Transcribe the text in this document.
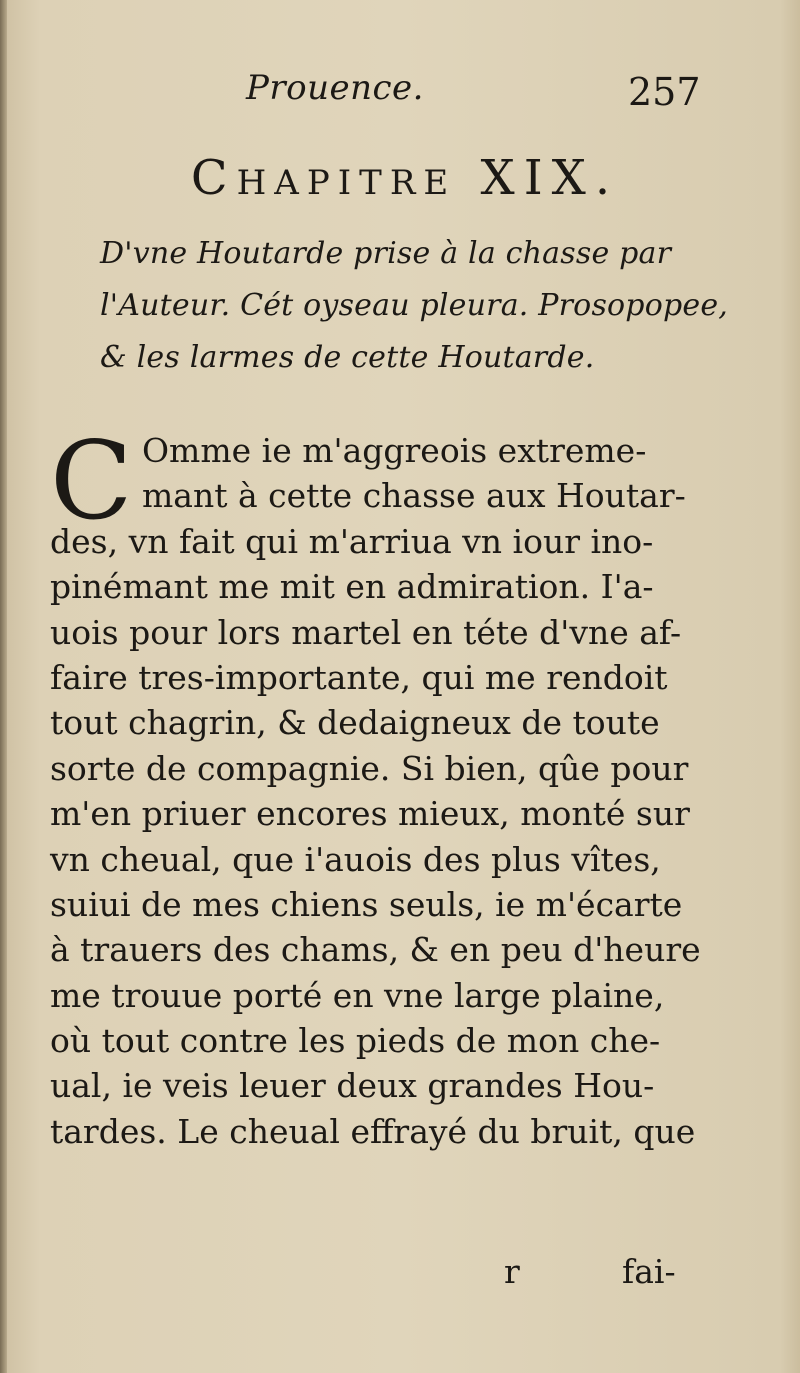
Prouence.	257
CHAPITRE XIX.
D'vne Houtarde prise à la chasse par
l'Auteur. Cét oyseau pleura. Prosopopee,
& les larmes de cette Houtarde.
C Omme ie m'aggreois extreme-
mant à cette chasse aux Houtar-
des, vn fait qui m'arriua vn iour ino-
pinémant me mit en admiration. I'a-
uois pour lors martel en téte d'vne af-
faire tres-importante, qui me rendoit
tout chagrin, & dedaigneux de toute
sorte de compagnie. Si bien, qûe pour
m'en priuer encores mieux, monté sur
vn cheual, que i'auois des plus vîtes,
suiui de mes chiens seuls, ie m'écarte
à trauers des chams, & en peu d'heure
me trouue porté en vne large plaine,
où tout contre les pieds de mon che-
ual, ie veis leuer deux grandes Hou-
tardes. Le cheual effrayé du bruit, que
r	fai-
